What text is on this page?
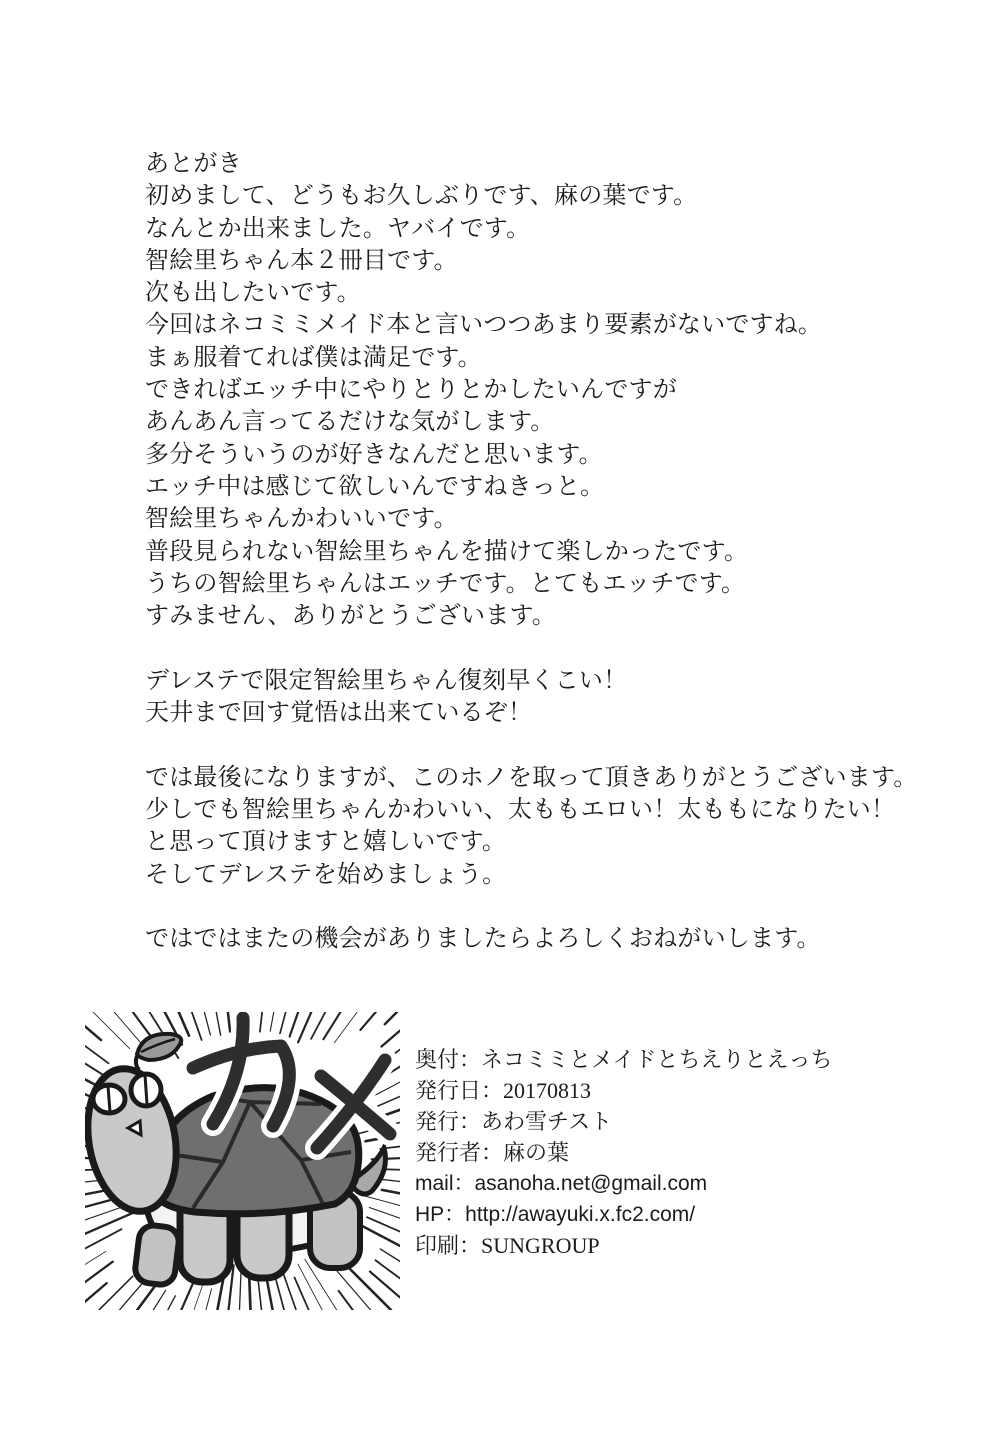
あとがき
初めまして、どうもお久しぶりです、麻の葉です。
なんとか出来ました。ヤバイです。
智絵里ちゃん本２冊目です。
次も出したいです。
今回はネコミミメイド本と言いつつあまり要素がないですね。
まぁ服着てれば僕は満足です。
できればエッチ中にやりとりとかしたいんですが
あんあん言ってるだけな気がします。
多分そういうのが好きなんだと思います。
エッチ中は感じて欲しいんですねきっと。
智絵里ちゃんかわいいです。
普段見られない智絵里ちゃんを描けて楽しかったです。
うちの智絵里ちゃんはエッチです。とてもエッチです。
すみません、ありがとうございます。
デレステで限定智絵里ちゃん復刻早くこい！
天井まで回す覚悟は出来ているぞ！
では最後になりますが、このホノを取って頂きありがとうございます。
少しでも智絵里ちゃんかわいい、太ももエロい！太ももになりたい！
と思って頂けますと嬉しいです。
そしてデレステを始めましょう。
ではではまたの機会がありましたらよろしくおねがいします。
奥付：ネコミミとメイドとちえりとえっち
発行日：20170813
発行：あわ雪チスト
発行者：麻の葉
mail：asanoha.net@gmail.com
HP：http://awayuki.x.fc2.com/
印刷：SUNGROUP
